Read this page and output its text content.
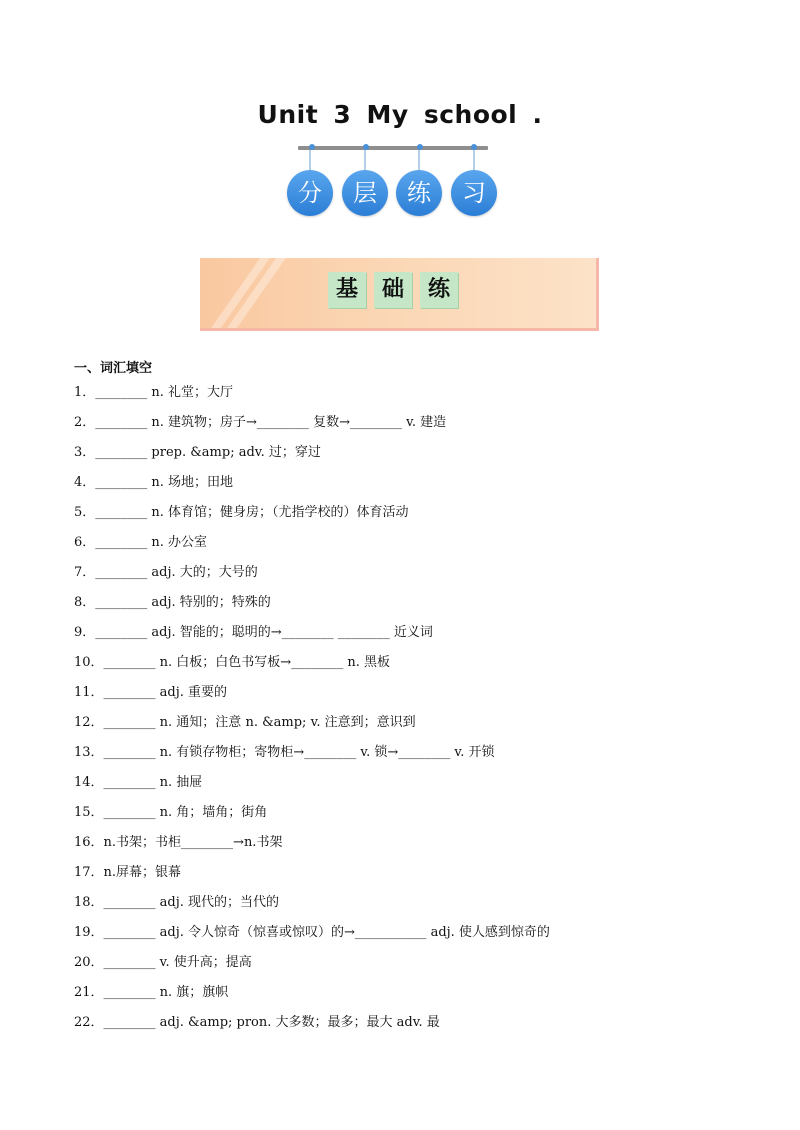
Unit 3 My school .
分	层	练	习
基	础	练
一、词汇填空
1．________ n. 礼堂；大厅
2．________ n. 建筑物；房子→________ 复数→________ v. 建造
3．________ prep. &amp; adv. 过；穿过
4．________ n. 场地；田地
5．________ n. 体育馆；健身房；（尤指学校的）体育活动
6．________ n. 办公室
7．________ adj. 大的；大号的
8．________ adj. 特别的；特殊的
9．________ adj. 智能的；聪明的→________ ________ 近义词
10．________ n. 白板；白色书写板→________ n. 黑板
11．________ adj. 重要的
12．________ n. 通知；注意 n. &amp; v. 注意到；意识到
13．________ n. 有锁存物柜；寄物柜→________ v. 锁→________ v. 开锁
14．________ n. 抽屉
15．________ n. 角；墙角；街角
16．n.书架；书柜________→n.书架
17．n.屏幕；银幕
18．________ adj. 现代的；当代的
19．________ adj. 令人惊奇（惊喜或惊叹）的→___________ adj. 使人感到惊奇的
20．________ v. 使升高；提高
21．________ n. 旗；旗帜
22．________ adj. &amp; pron. 大多数；最多；最大 adv. 最
